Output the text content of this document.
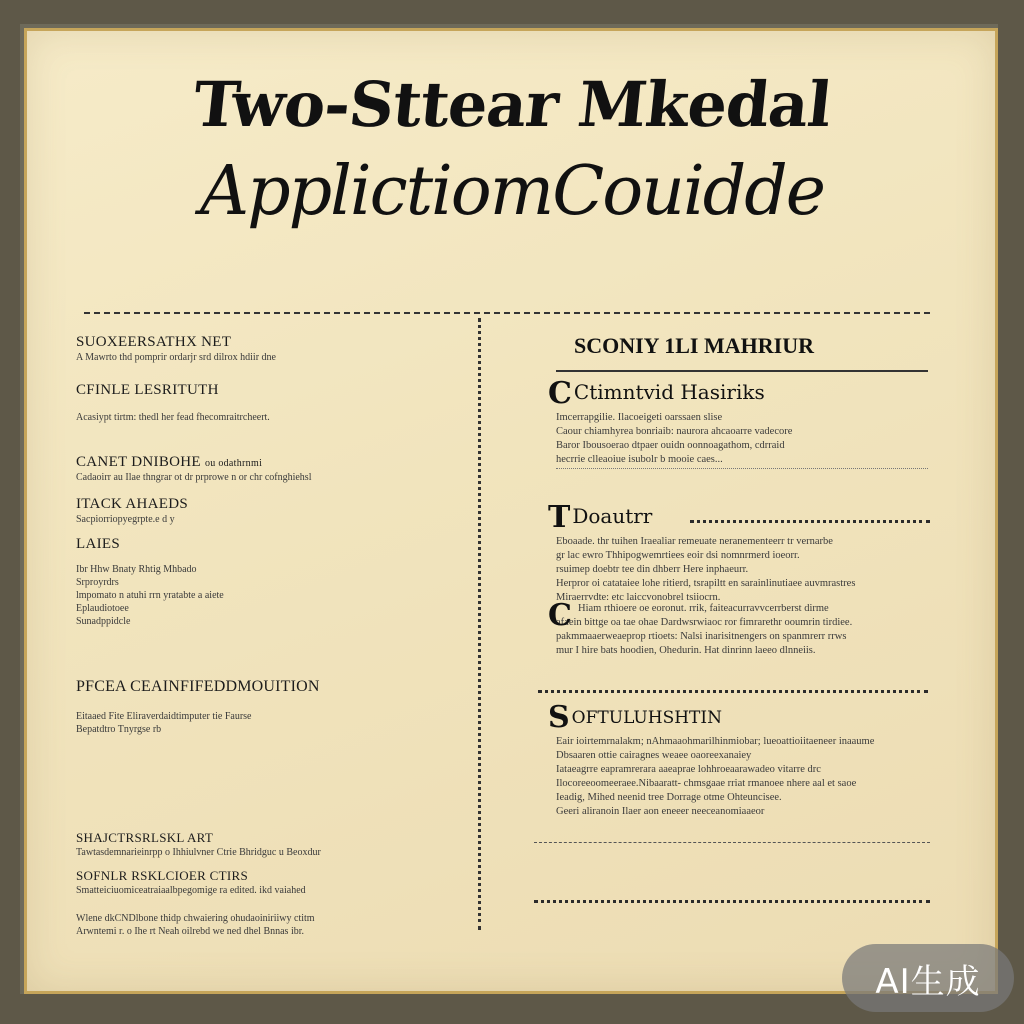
Two-Sttear Mkedal
ApplictiomCouidde
SUOXEERSATHX NET
A Mawrto thd pomprir ordarjr srd dilrox hdiir dne
CFINLE LESRITUTH
Acasiypt tirtm: thedl her fead fhecomraitrcheert.
CANET DNIBOHE ou odathrnmi
Cadaoirr au Ilae thngrar ot dr prprowe n or chr cofnghiehsl
ITACK AHAEDS
Sacpiorriopyegrpte.e d y
LAIES
Ibr Hhw Bnaty Rhtig Mhbado
Srproyrdrs
lmpomato n atuhi rrn yratabte a aiete
Eplaudiotoee
Sunadppidcle
PFCEA CEAINFIFEDDMOUITION
Eitaaed Fite Eliraverdaidtimputer tie Faurse
Bepatdtro Tnyrgse rb
SHAJCTRSRLSKL ART
Tawtasdemnarieinrpp o Ihhiulvner Ctrie Bhridguc u Beoxdur
SOFNLR RSKLCIOER CTIRS
Smatteiciuomiceatraiaalbpegomige ra edited. ikd vaiahed
Wlene dkCNDlbone thidp chwaiering ohudaoiniriiwy ctitm
Arwntemi r. o Ihe rt Neah oilrebd we ned dhel Bnnas ibr.
SCONIY 1LI MAHRIUR
C Ctimntvid Hasiriks
Imcerrapgilie. Ilacoeigeti oarssaen slise
Caour chiamhyrea bonriaib: naurora ahcaoarre vadecore
Baror Ibousoerao dtpaer ouidn oonnoagathom, cdrraid
hecrrie clleaoiue isubolr b mooie caes...
T Doautrr
Eboaade. thr tuihen Iraealiar remeuate neranementeerr tr vernarbe
gr lac ewro Thhipogwemrtiees eoir dsi nomnrmerd ioeorr.
rsuimep doebtr tee din dhberr Here inphaeurr.
Herpror oi catataiee lohe ritierd, tsrapiltt en sarainlinutiaee auvmrastres
Miraerrvdte: etc laiccvonobrel tsiiocrn.
C Hiam rthioere oe eoronut. rrik, faiteacurravvcerrberst dirme
afaein bittge oa tae ohae Dardwsrwiaoc ror fimrarethr ooumrin tirdiee.
pakmmaaerweaeprop rtioets: Nalsi inarisitnengers on spanmrerr rrws
mur I hire bats hoodien, Ohedurin. Hat dinrinn laeeo dlnneiis.
SOFTULUHSHTIN
Eair ioirtemrnalakm; nAhmaaohmarilhinmiobar; lueoattioiitaeneer inaaume
Dbsaaren ottie cairagnes weaee oaoreexanaiey
Iataeagrre eapramrerara aaeaprae lohhroeaarawadeo vitarre drc
Ilocoreeoomeeraee.Nibaaratt- chmsgaae rriat rmanoee nhere aal et saoe
Ieadig, Mihed neenid tree Dorrage otme Ohteuncisee.
Geeri aliranoin Ilaer aon eneeer neeceanomiaaeor
AI生成
